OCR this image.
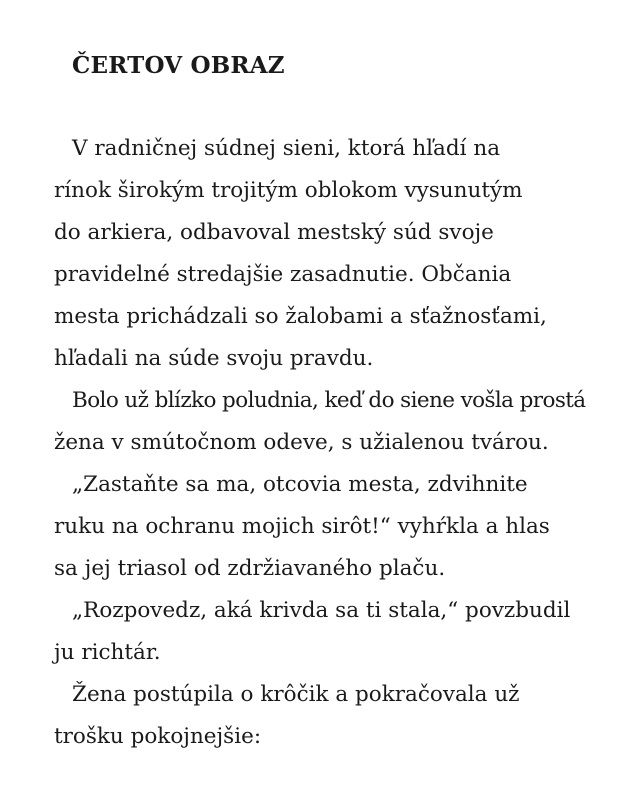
ČERTOV OBRAZ

V radničnej súdnej sieni, ktorá hľadí na
rínok širokým trojitým oblokom vysunutým
do arkiera, odbavoval mestský súd svoje
pravidelné stredajšie zasadnutie. Občania
mesta prichádzali so žalobami a sťažnosťami,
hľadali na súde svoju pravdu.

Bolo už blízko poludnia, keď do siene vošla prostá
žena v smútočnom odeve, s užialenou tvárou.

„Zastaňte sa ma, otcovia mesta, zdvihnite
ruku na ochranu mojich sirôt!“ vyhŕkla a hlas
sa jej triasol od zdržiavaného plaču.

„Rozpovedz, aká krivda sa ti stala,“ povzbudil
ju richtár.

Žena postúpila o krôčik a pokračovala už
trošku pokojnejšie:
